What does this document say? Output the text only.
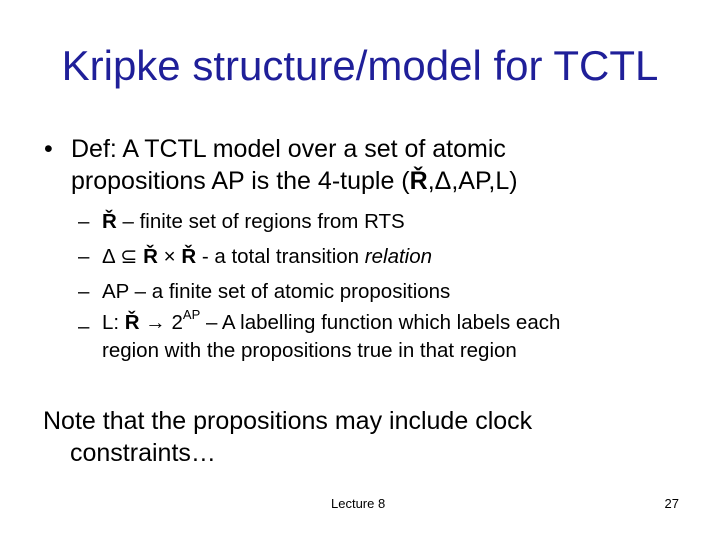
Kripke structure/model for TCTL
• Def: A TCTL model over a set of atomic
propositions AP is the 4-tuple (Ř,Δ,AP,L)
– Ř – finite set of regions from RTS
– Δ ⊆ Ř × Ř - a total transition relation
– AP – a finite set of atomic propositions
– L: Ř → $2^{AP}$ – A labelling function which labels each
region with the propositions true in that region
Note that the propositions may include clock
constraints…
Lecture 8	27
